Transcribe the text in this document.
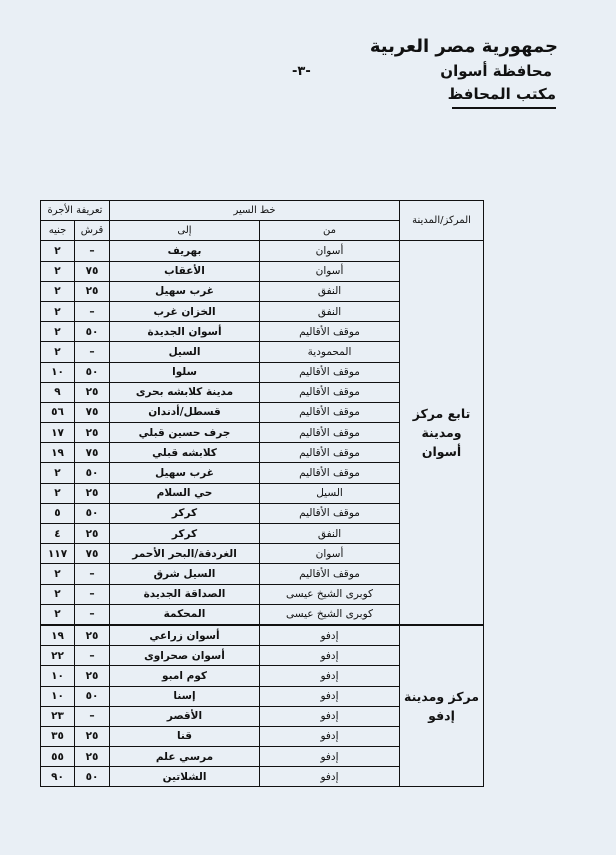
جمهورية مصر العربية
محافظة أسوان
مكتب المحافظ
-٣-
المركز/المدينة	خط السير		تعريفة الأجرة	
	من	إلى	قرش	جنيه
تابع مركز ومدينة أسوان	أسوان	بهريف	–	٢
	أسوان	الأعقاب	٧٥	٢
	النفق	غرب سهيل	٢٥	٢
	النفق	الخزان غرب	–	٢
	موقف الأقاليم	أسوان الجديدة	٥٠	٢
	المحمودية	السيل	–	٢
	موقف الأقاليم	سلوا	٥٠	١٠
	موقف الأقاليم	مدينة كلابشه بحرى	٢٥	٩
	موقف الأقاليم	قسطل/أدندان	٧٥	٥٦
	موقف الأقاليم	جرف حسين قبلي	٢٥	١٧
	موقف الأقاليم	كلابشه قبلي	٧٥	١٩
	موقف الأقاليم	غرب سهيل	٥٠	٢
	السيل	حي السلام	٢٥	٢
	موقف الأقاليم	كركر	٥٠	٥
	النفق	كركر	٢٥	٤
	أسوان	الغردقة/البحر الأحمر	٧٥	١١٧
	موقف الأقاليم	السيل شرق	–	٢
	كوبرى الشيخ عيسى	الصداقة الجديدة	–	٢
	كوبرى الشيخ عيسى	المحكمة	–	٢
مركز ومدينة إدفو	إدفو	أسوان زراعي	٢٥	١٩
	إدفو	أسوان صحراوى	–	٢٢
	إدفو	كوم امبو	٢٥	١٠
	إدفو	إسنا	٥٠	١٠
	إدفو	الأقصر	–	٢٣
	إدفو	قنا	٢٥	٣٥
	إدفو	مرسي علم	٢٥	٥٥
	إدفو	الشلاتين	٥٠	٩٠
